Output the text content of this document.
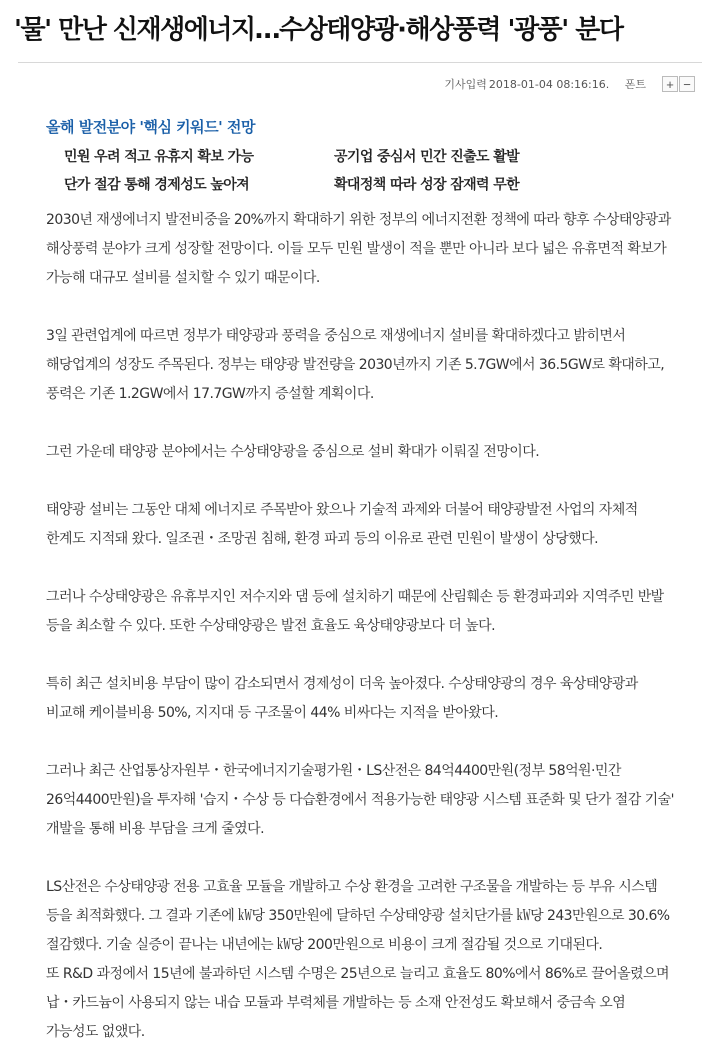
'물' 만난 신재생에너지…수상태양광·해상풍력 '광풍' 분다
기사입력 2018-01-04 08:16:16. 폰트	+ −
올해 발전분야 '핵심 키워드' 전망
민원 우려 적고 유휴지 확보 가능	공기업 중심서 민간 진출도 활발
단가 절감 통해 경제성도 높아져	확대정책 따라 성장 잠재력 무한

2030년 재생에너지 발전비중을 20%까지 확대하기 위한 정부의 에너지전환 정책에 따라 향후 수상태양광과 해상풍력 분야가 크게 성장할 전망이다. 이들 모두 민원 발생이 적을 뿐만 아니라 보다 넓은 유휴면적 확보가 가능해 대규모 설비를 설치할 수 있기 때문이다.

3일 관련업계에 따르면 정부가 태양광과 풍력을 중심으로 재생에너지 설비를 확대하겠다고 밝히면서 해당업계의 성장도 주목된다. 정부는 태양광 발전량을 2030년까지 기존 5.7GW에서 36.5GW로 확대하고, 풍력은 기존 1.2GW에서 17.7GW까지 증설할 계획이다.

그런 가운데 태양광 분야에서는 수상태양광을 중심으로 설비 확대가 이뤄질 전망이다.

태양광 설비는 그동안 대체 에너지로 주목받아 왔으나 기술적 과제와 더불어 태양광발전 사업의 자체적 한계도 지적돼 왔다. 일조권・조망권 침해, 환경 파괴 등의 이유로 관련 민원이 발생이 상당했다.

그러나 수상태양광은 유휴부지인 저수지와 댐 등에 설치하기 때문에 산림훼손 등 환경파괴와 지역주민 반발 등을 최소할 수 있다. 또한 수상태양광은 발전 효율도 육상태양광보다 더 높다.

특히 최근 설치비용 부담이 많이 감소되면서 경제성이 더욱 높아졌다. 수상태양광의 경우 육상태양광과 비교해 케이블비용 50%, 지지대 등 구조물이 44% 비싸다는 지적을 받아왔다.

그러나 최근 산업통상자원부・한국에너지기술평가원・LS산전은 84억4400만원(정부 58억원·민간 26억4400만원)을 투자해 '습지・수상 등 다습환경에서 적용가능한 태양광 시스템 표준화 및 단가 절감 기술' 개발을 통해 비용 부담을 크게 줄였다.

LS산전은 수상태양광 전용 고효율 모듈을 개발하고 수상 환경을 고려한 구조물을 개발하는 등 부유 시스템 등을 최적화했다. 그 결과 기존에 ㎾당 350만원에 달하던 수상태양광 설치단가를 ㎾당 243만원으로 30.6% 절감했다. 기술 실증이 끝나는 내년에는 ㎾당 200만원으로 비용이 크게 절감될 것으로 기대된다.

또 R&D 과정에서 15년에 불과하던 시스템 수명은 25년으로 늘리고 효율도 80%에서 86%로 끌어올렸으며 납・카드늄이 사용되지 않는 내습 모듈과 부력체를 개발하는 등 소재 안전성도 확보해서 중금속 오염 가능성도 없앴다.
